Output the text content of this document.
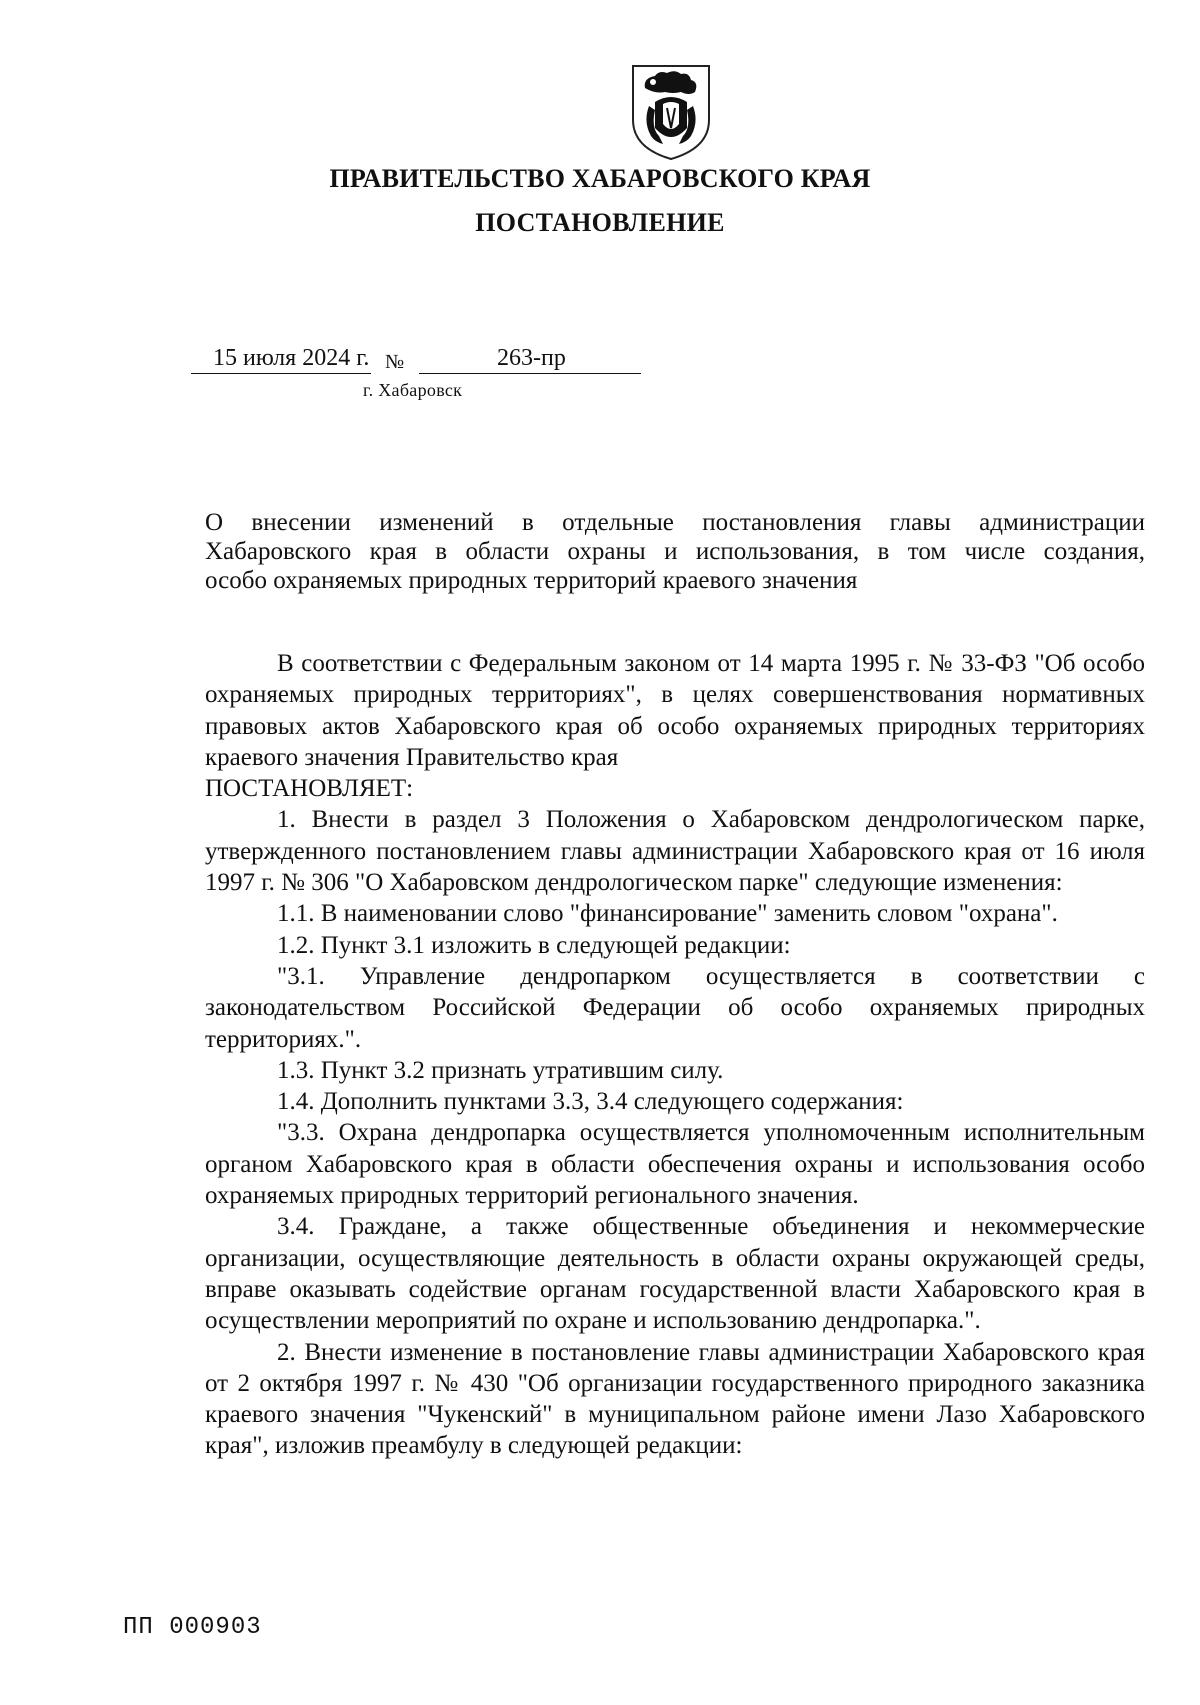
ПРАВИТЕЛЬСТВО ХАБАРОВСКОГО КРАЯ
ПОСТАНОВЛЕНИЕ
15 июля 2024 г. №	263-пр
г. Хабаровск
О внесении изменений в отдельные постановления главы администрации
Хабаровского края в области охраны и использования, в том числе создания,
особо охраняемых природных территорий краевого значения

В соответствии с Федеральным законом от 14 марта 1995 г. № 33-ФЗ "Об особо охраняемых природных территориях", в целях совершенствования нормативных правовых актов Хабаровского края об особо охраняемых природных территориях краевого значения Правительство края

ПОСТАНОВЛЯЕТ:

1. Внести в раздел 3 Положения о Хабаровском дендрологическом парке, утвержденного постановлением главы администрации Хабаровского края от 16 июля 1997 г. № 306 "О Хабаровском дендрологическом парке" следующие изменения:

1.1. В наименовании слово "финансирование" заменить словом "охрана".

1.2. Пункт 3.1 изложить в следующей редакции:

"3.1. Управление дендропарком осуществляется в соответствии с законодательством Российской Федерации об особо охраняемых природных территориях.".

1.3. Пункт 3.2 признать утратившим силу.

1.4. Дополнить пунктами 3.3, 3.4 следующего содержания:

"3.3. Охрана дендропарка осуществляется уполномоченным исполнительным органом Хабаровского края в области обеспечения охраны и использования особо охраняемых природных территорий регионального значения.

3.4. Граждане, а также общественные объединения и некоммерческие организации, осуществляющие деятельность в области охраны окружающей среды, вправе оказывать содействие органам государственной власти Хабаровского края в осуществлении мероприятий по охране и использованию дендропарка.".

2. Внести изменение в постановление главы администрации Хабаровского края от 2 октября 1997 г. № 430 "Об организации государственного природного заказника краевого значения "Чукенский" в муниципальном районе имени Лазо Хабаровского края", изложив преамбулу в следующей редакции:

ПП 000903
